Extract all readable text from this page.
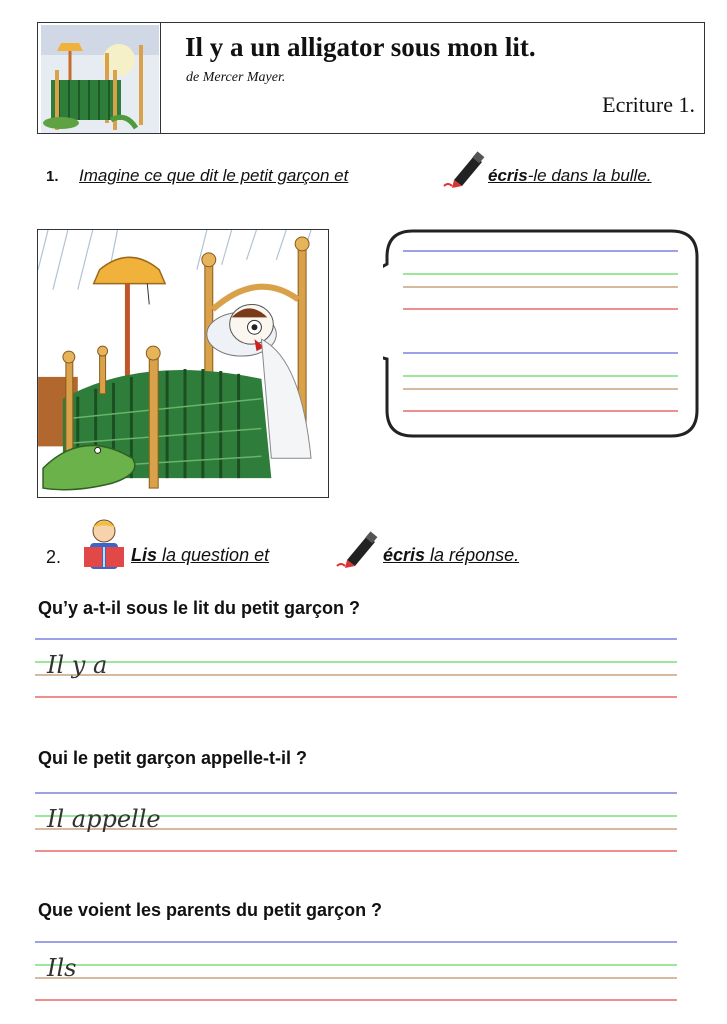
Il y a un alligator sous mon lit.
de Mercer Mayer.
Ecriture 1.
1. Imagine ce que dit le petit garçon et	écris-le dans la bulle.
2.	Lis la question et	écris la réponse.
Qu’y a-t-il sous le lit du petit garçon ?
Il y a
Qui le petit garçon appelle-t-il ?
Il appelle
Que voient les parents du petit garçon ?
Ils
